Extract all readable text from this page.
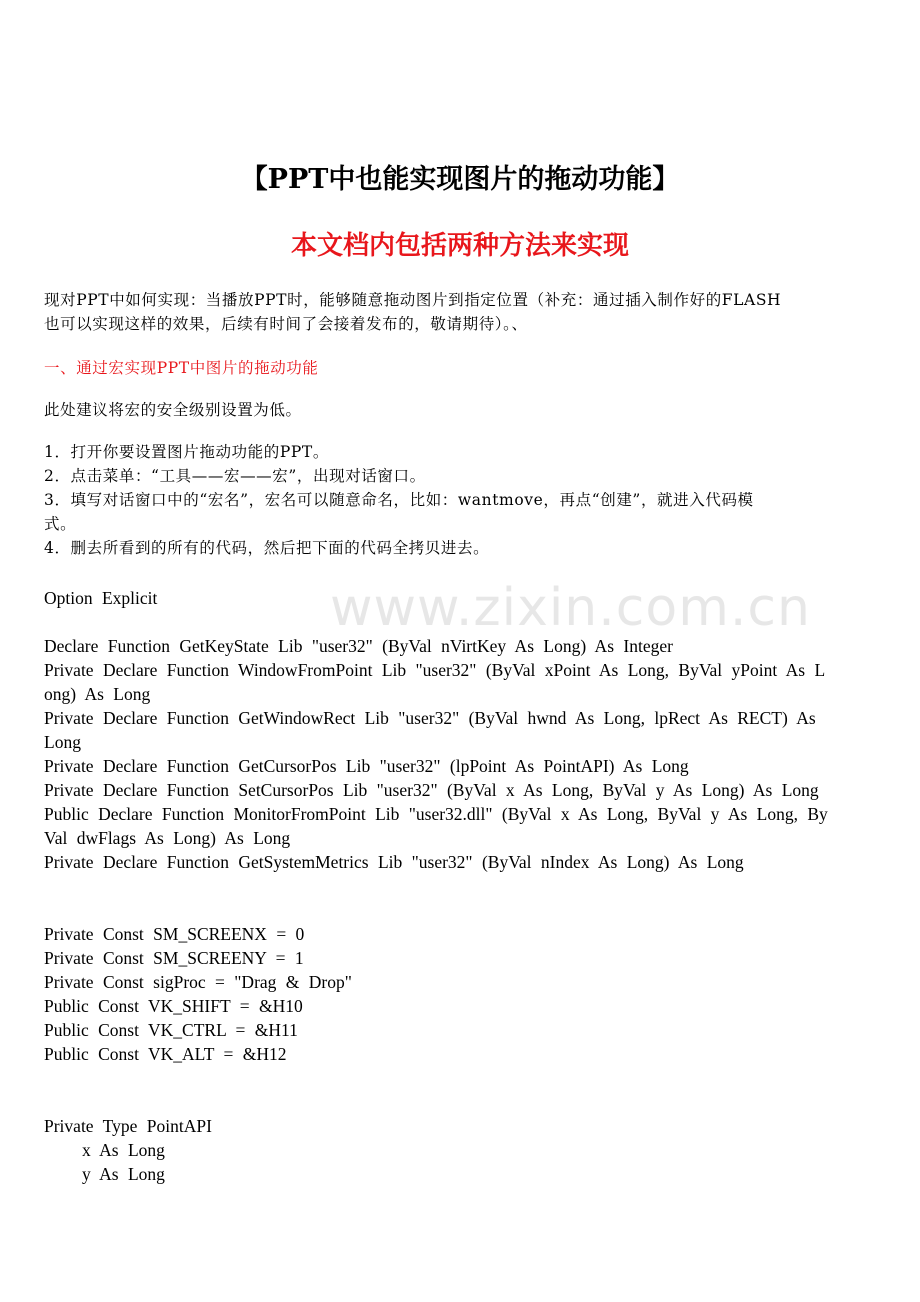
www.zixin.com.cn
【PPT中也能实现图片的拖动功能】
本文档内包括两种方法来实现
现对PPT中如何实现：当播放PPT时，能够随意拖动图片到指定位置（补充：通过插入制作好的FLASH
也可以实现这样的效果，后续有时间了会接着发布的，敬请期待）。、
一、通过宏实现PPT中图片的拖动功能
此处建议将宏的安全级别设置为低。
1．打开你要设置图片拖动功能的PPT。
2．点击菜单：“工具——宏——宏”，出现对话窗口。
3．填写对话窗口中的“宏名”，宏名可以随意命名，比如：wantmove，再点“创建”，就进入代码模
式。
4．删去所看到的所有的代码，然后把下面的代码全拷贝进去。
Option Explicit
Declare Function GetKeyState Lib "user32" (ByVal nVirtKey As Long) As Integer
Private Declare Function WindowFromPoint Lib "user32" (ByVal xPoint As Long, ByVal yPoint As L
ong) As Long
Private Declare Function GetWindowRect Lib "user32" (ByVal hwnd As Long, lpRect As RECT) As
Long
Private Declare Function GetCursorPos Lib "user32" (lpPoint As PointAPI) As Long
Private Declare Function SetCursorPos Lib "user32" (ByVal x As Long, ByVal y As Long) As Long
Public Declare Function MonitorFromPoint Lib "user32.dll" (ByVal x As Long, ByVal y As Long, By
Val dwFlags As Long) As Long
Private Declare Function GetSystemMetrics Lib "user32" (ByVal nIndex As Long) As Long
Private Const SM_SCREENX = 0
Private Const SM_SCREENY = 1
Private Const sigProc = "Drag & Drop"
Public Const VK_SHIFT = &H10
Public Const VK_CTRL = &H11
Public Const VK_ALT = &H12
Private Type PointAPI
x As Long
y As Long
